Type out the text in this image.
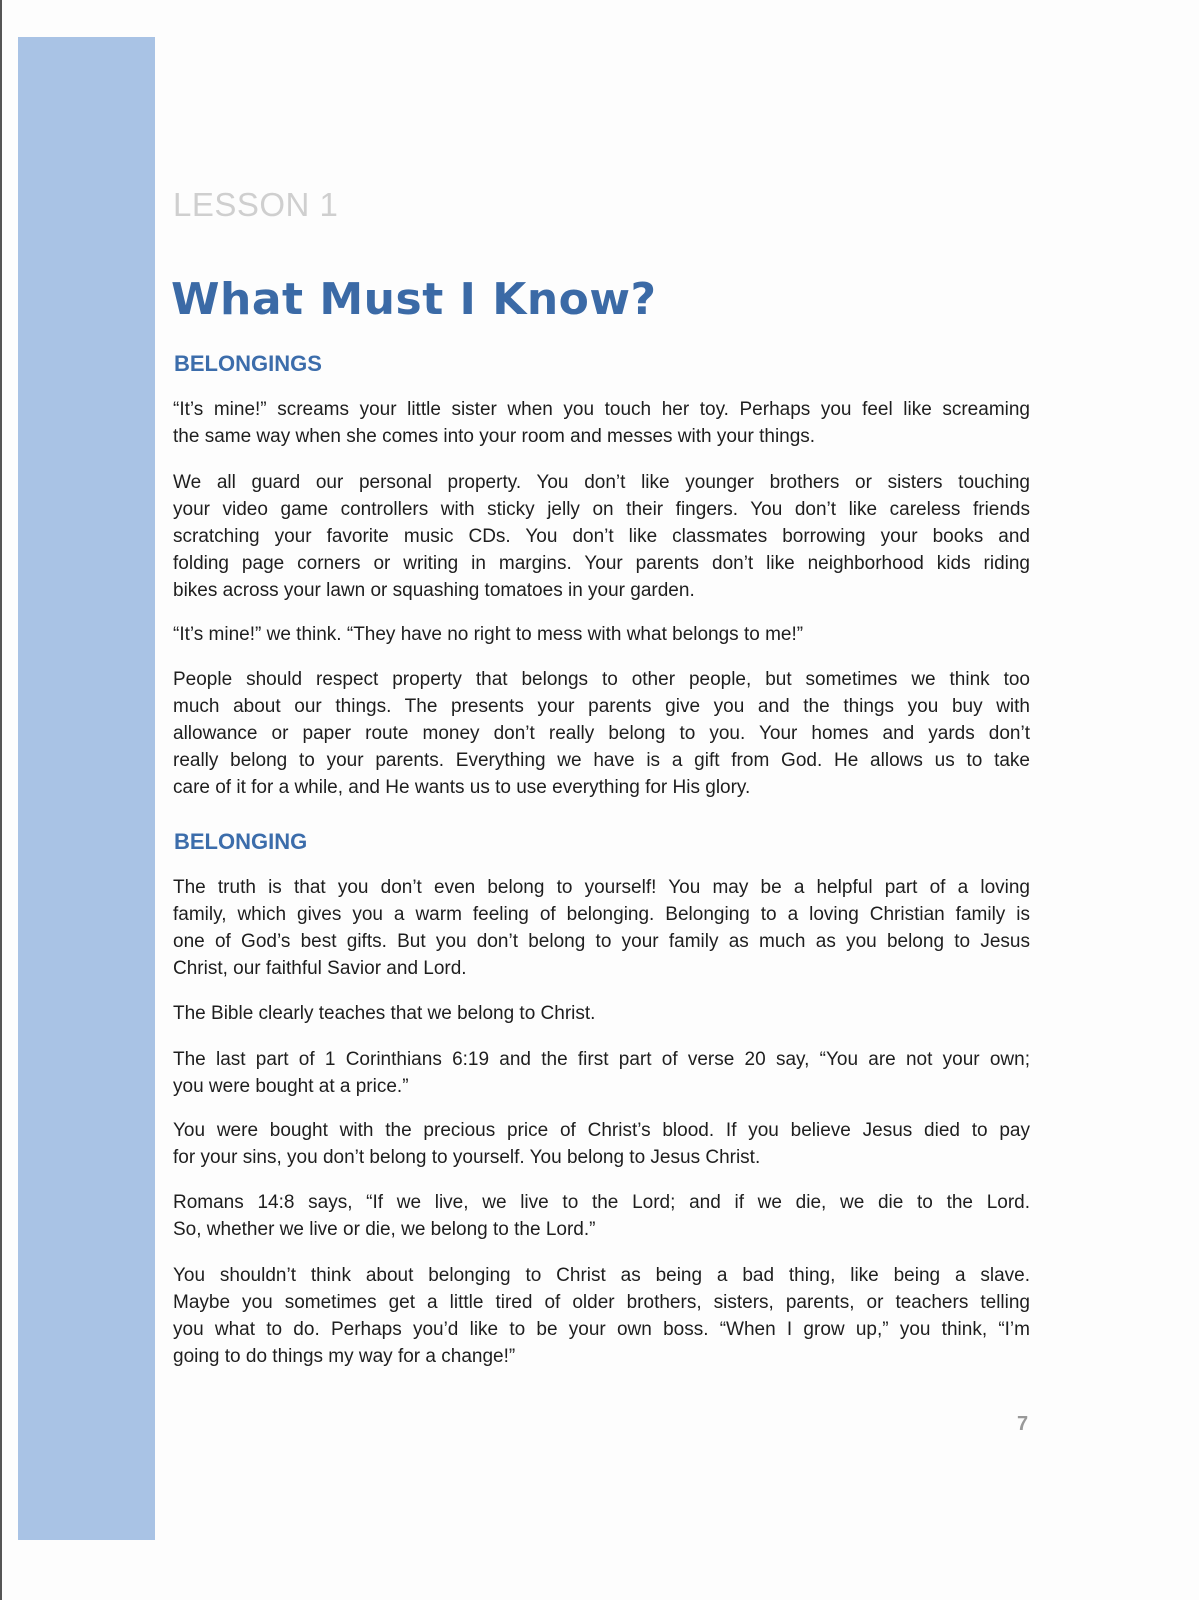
LESSON 1
What Must I Know?
BELONGINGS
“It’s mine!” screams your little sister when you touch her toy. Perhaps you feel like screaming
the same way when she comes into your room and messes with your things.
We all guard our personal property. You don’t like younger brothers or sisters touching
your video game controllers with sticky jelly on their fingers. You don’t like careless friends
scratching your favorite music CDs. You don’t like classmates borrowing your books and
folding page corners or writing in margins. Your parents don’t like neighborhood kids riding
bikes across your lawn or squashing tomatoes in your garden.
“It’s mine!” we think. “They have no right to mess with what belongs to me!”
People should respect property that belongs to other people, but sometimes we think too
much about our things. The presents your parents give you and the things you buy with
allowance or paper route money don’t really belong to you. Your homes and yards don’t
really belong to your parents. Everything we have is a gift from God. He allows us to take
care of it for a while, and He wants us to use everything for His glory.
BELONGING
The truth is that you don’t even belong to yourself! You may be a helpful part of a loving
family, which gives you a warm feeling of belonging. Belonging to a loving Christian family is
one of God’s best gifts. But you don’t belong to your family as much as you belong to Jesus
Christ, our faithful Savior and Lord.
The Bible clearly teaches that we belong to Christ.
The last part of 1 Corinthians 6:19 and the first part of verse 20 say, “You are not your own;
you were bought at a price.”
You were bought with the precious price of Christ’s blood. If you believe Jesus died to pay
for your sins, you don’t belong to yourself. You belong to Jesus Christ.
Romans 14:8 says, “If we live, we live to the Lord; and if we die, we die to the Lord.
So, whether we live or die, we belong to the Lord.”
You shouldn’t think about belonging to Christ as being a bad thing, like being a slave.
Maybe you sometimes get a little tired of older brothers, sisters, parents, or teachers telling
you what to do. Perhaps you’d like to be your own boss. “When I grow up,” you think, “I’m
going to do things my way for a change!”
7
